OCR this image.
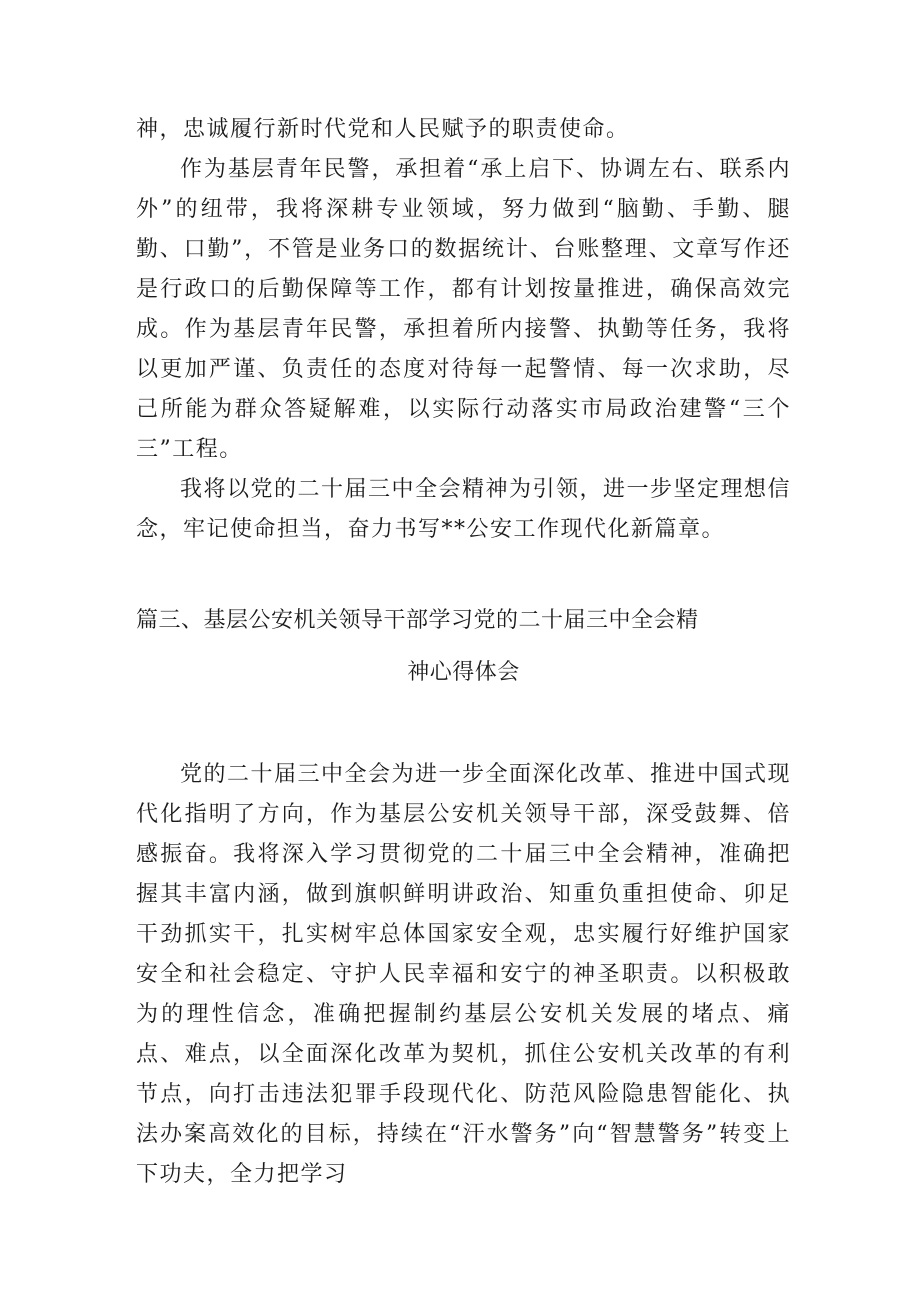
神，忠诚履行新时代党和人民赋予的职责使命。

作为基层青年民警，承担着“承上启下、协调左右、联系内外”的纽带，我将深耕专业领域，努力做到“脑勤、手勤、腿勤、口勤”，不管是业务口的数据统计、台账整理、文章写作还是行政口的后勤保障等工作，都有计划按量推进，确保高效完成。作为基层青年民警，承担着所内接警、执勤等任务，我将以更加严谨、负责任的态度对待每一起警情、每一次求助，尽己所能为群众答疑解难，以实际行动落实市局政治建警“三个三”工程。

我将以党的二十届三中全会精神为引领，进一步坚定理想信念，牢记使命担当，奋力书写**公安工作现代化新篇章。

篇三、基层公安机关领导干部学习党的二十届三中全会精
神心得体会

党的二十届三中全会为进一步全面深化改革、推进中国式现代化指明了方向，作为基层公安机关领导干部，深受鼓舞、倍感振奋。我将深入学习贯彻党的二十届三中全会精神，准确把握其丰富内涵，做到旗帜鲜明讲政治、知重负重担使命、卯足干劲抓实干，扎实树牢总体国家安全观，忠实履行好维护国家安全和社会稳定、守护人民幸福和安宁的神圣职责。以积极敢为的理性信念，准确把握制约基层公安机关发展的堵点、痛点、难点，以全面深化改革为契机，抓住公安机关改革的有利节点，向打击违法犯罪手段现代化、防范风险隐患智能化、执法办案高效化的目标，持续在“汗水警务”向“智慧警务”转变上下功夫，全力把学习
